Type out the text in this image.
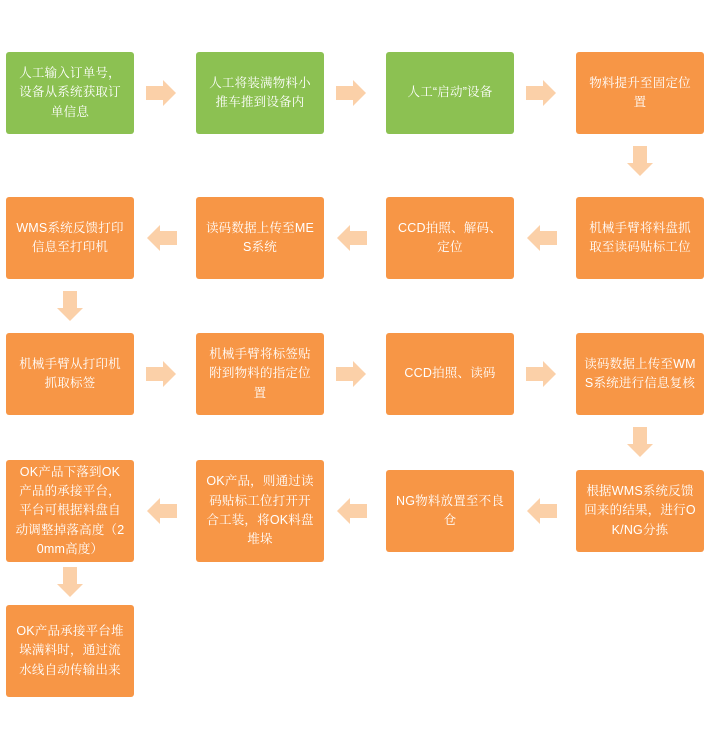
人工输入订单号，设备从系统获取订单信息
人工将装满物料小推车推到设备内
人工“启动”设备
物料提升至固定位置
机械手臂将料盘抓取至读码贴标工位
CCD拍照、解码、定位
读码数据上传至MES系统
WMS系统反馈打印信息至打印机
机械手臂从打印机抓取标签
机械手臂将标签贴附到物料的指定位置
CCD拍照、读码
读码数据上传至WMS系统进行信息复核
根据WMS系统反馈回来的结果，进行OK/NG分拣
NG物料放置至不良仓
OK产品，则通过读码贴标工位打开开合工装，将OK料盘堆垛
OK产品下落到OK产品的承接平台，平台可根据料盘自动调整掉落高度（20mm高度）
OK产品承接平台堆垛满料时，通过流水线自动传输出来
